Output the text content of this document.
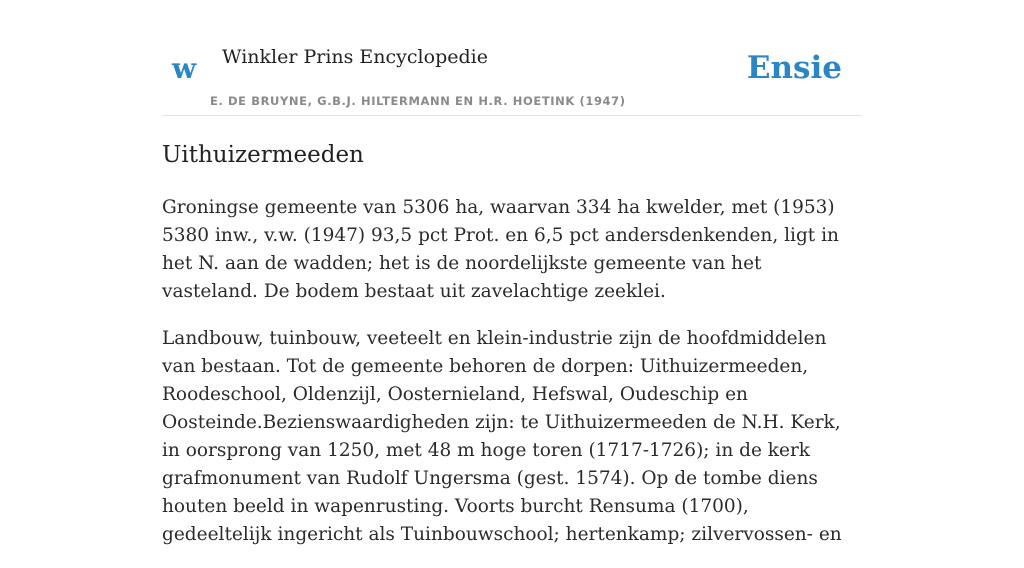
w Winkler Prins Encyclopedie
E. DE BRUYNE, G.B.J. HILTERMANN EN H.R. HOETINK (1947)
Ensie
Uithuizermeeden

Groningse gemeente van 5306 ha, waarvan 334 ha kwelder, met (1953) 5380 inw., v.w. (1947) 93,5 pct Prot. en 6,5 pct andersdenkenden, ligt in het N. aan de wadden; het is de noordelijkste gemeente van het vasteland. De bodem bestaat uit zavelachtige zeeklei.

Landbouw, tuinbouw, veeteelt en klein-industrie zijn de hoofdmiddelen van bestaan. Tot de gemeente behoren de dorpen: Uithuizermeeden, Roodeschool, Oldenzijl, Oosternieland, Hefswal, Oudeschip en Oosteinde.Bezienswaardigheden zijn: te Uithuizermeeden de N.H. Kerk, in oorsprong van 1250, met 48 m hoge toren (1717-1726); in de kerk grafmonument van Rudolf Ungersma (gest. 1574). Op de tombe diens houten beeld in wapenrusting. Voorts burcht Rensuma (1700), gedeeltelijk ingericht als Tuinbouwschool; hertenkamp; zilvervossen- en
